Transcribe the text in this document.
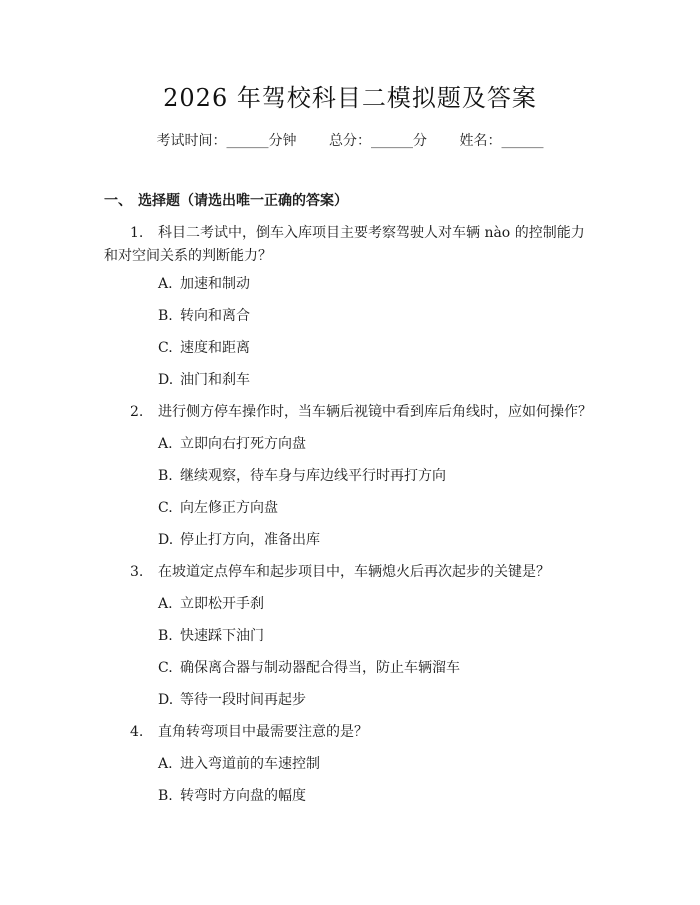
2026 年驾校科目二模拟题及答案
考试时间：______分钟 总分：______分 姓名：______
一、 选择题（请选出唯一正确的答案）
1. 科目二考试中，倒车入库项目主要考察驾驶人对车辆 nào 的控制能力和对空间关系的判断能力？
A. 加速和制动
B. 转向和离合
C. 速度和距离
D. 油门和刹车
2. 进行侧方停车操作时，当车辆后视镜中看到库后角线时，应如何操作？
A. 立即向右打死方向盘
B. 继续观察，待车身与库边线平行时再打方向
C. 向左修正方向盘
D. 停止打方向，准备出库
3. 在坡道定点停车和起步项目中，车辆熄火后再次起步的关键是？
A. 立即松开手刹
B. 快速踩下油门
C. 确保离合器与制动器配合得当，防止车辆溜车
D. 等待一段时间再起步
4. 直角转弯项目中最需要注意的是？
A. 进入弯道前的车速控制
B. 转弯时方向盘的幅度
